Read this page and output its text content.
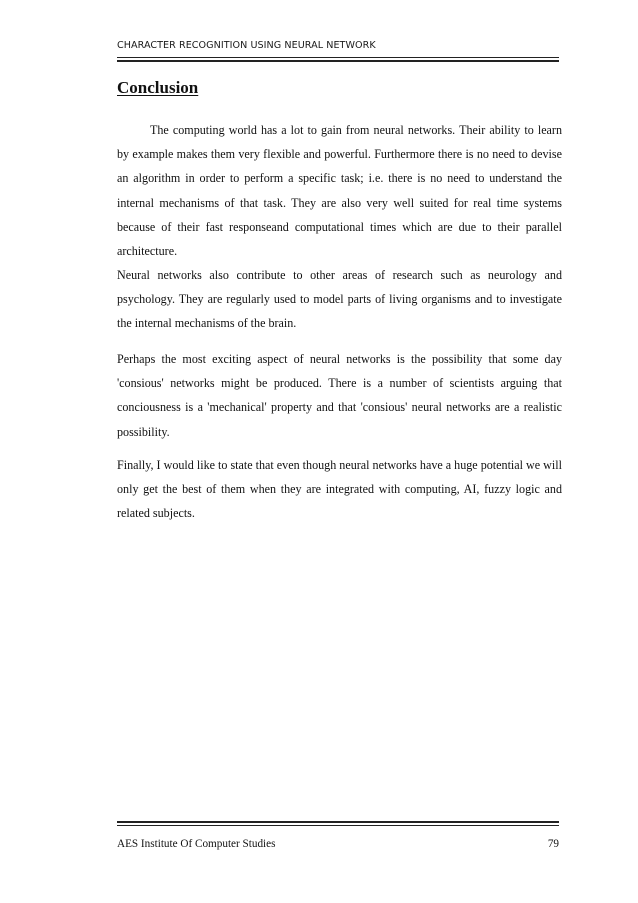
CHARACTER RECOGNITION USING NEURAL NETWORK
Conclusion

The computing world has a lot to gain from neural networks. Their ability to learn by example makes them very flexible and powerful. Furthermore there is no need to devise an algorithm in order to perform a specific task; i.e. there is no need to understand the internal mechanisms of that task. They are also very well suited for real time systems because of their fast responseand computational times which are due to their parallel architecture.

Neural networks also contribute to other areas of research such as neurology and psychology. They are regularly used to model parts of living organisms and to investigate the internal mechanisms of the brain.

Perhaps the most exciting aspect of neural networks is the possibility that some day 'consious' networks might be produced. There is a number of scientists arguing that conciousness is a 'mechanical' property and that 'consious' neural networks are a realistic possibility.

Finally, I would like to state that even though neural networks have a huge potential we will only get the best of them when they are integrated with computing, AI, fuzzy logic and related subjects.

AES Institute Of Computer Studies	79
